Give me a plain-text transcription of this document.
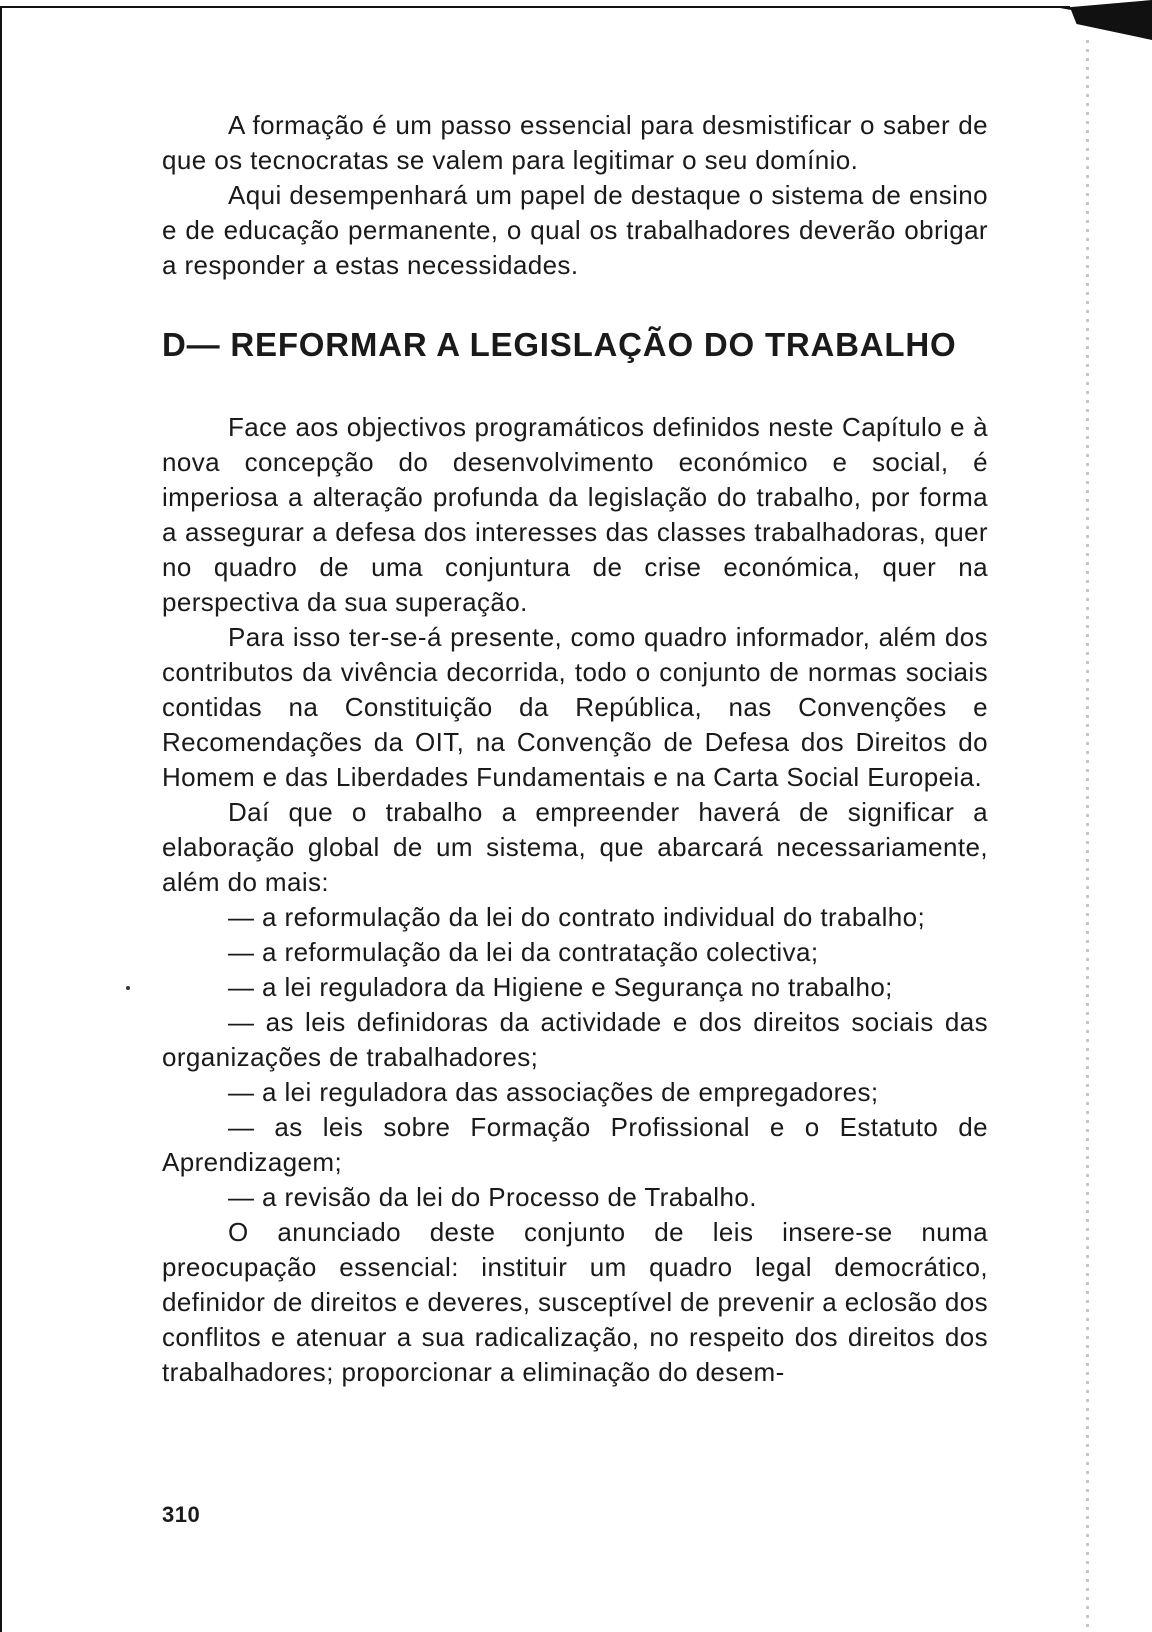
A formação é um passo essencial para desmistificar o saber de que os tecnocratas se valem para legitimar o seu domínio.

Aqui desempenhará um papel de destaque o sistema de ensino e de educação permanente, o qual os trabalhadores deverão obrigar a responder a estas necessidades.

D— REFORMAR A LEGISLAÇÃO DO TRABALHO

Face aos objectivos programáticos definidos neste Capítulo e à nova concepção do desenvolvimento económico e social, é imperiosa a alteração profunda da legislação do trabalho, por forma a assegurar a defesa dos interesses das classes trabalhadoras, quer no quadro de uma conjuntura de crise económica, quer na perspectiva da sua superação.

Para isso ter-se-á presente, como quadro informador, além dos contributos da vivência decorrida, todo o conjunto de normas sociais contidas na Constituição da República, nas Convenções e Recomendações da OIT, na Convenção de Defesa dos Direitos do Homem e das Liberdades Fundamentais e na Carta Social Europeia.

Daí que o trabalho a empreender haverá de significar a elaboração global de um sistema, que abarcará necessariamente, além do mais:

— a reformulação da lei do contrato individual do trabalho;

— a reformulação da lei da contratação colectiva;

— a lei reguladora da Higiene e Segurança no trabalho;

— as leis definidoras da actividade e dos direitos sociais das organizações de trabalhadores;

— a lei reguladora das associações de empregadores;

— as leis sobre Formação Profissional e o Estatuto de Aprendizagem;

— a revisão da lei do Processo de Trabalho.

O anunciado deste conjunto de leis insere-se numa preocupação essencial: instituir um quadro legal democrático, definidor de direitos e deveres, susceptível de prevenir a eclosão dos conflitos e atenuar a sua radicalização, no respeito dos direitos dos trabalhadores; proporcionar a eliminação do desem-

310
